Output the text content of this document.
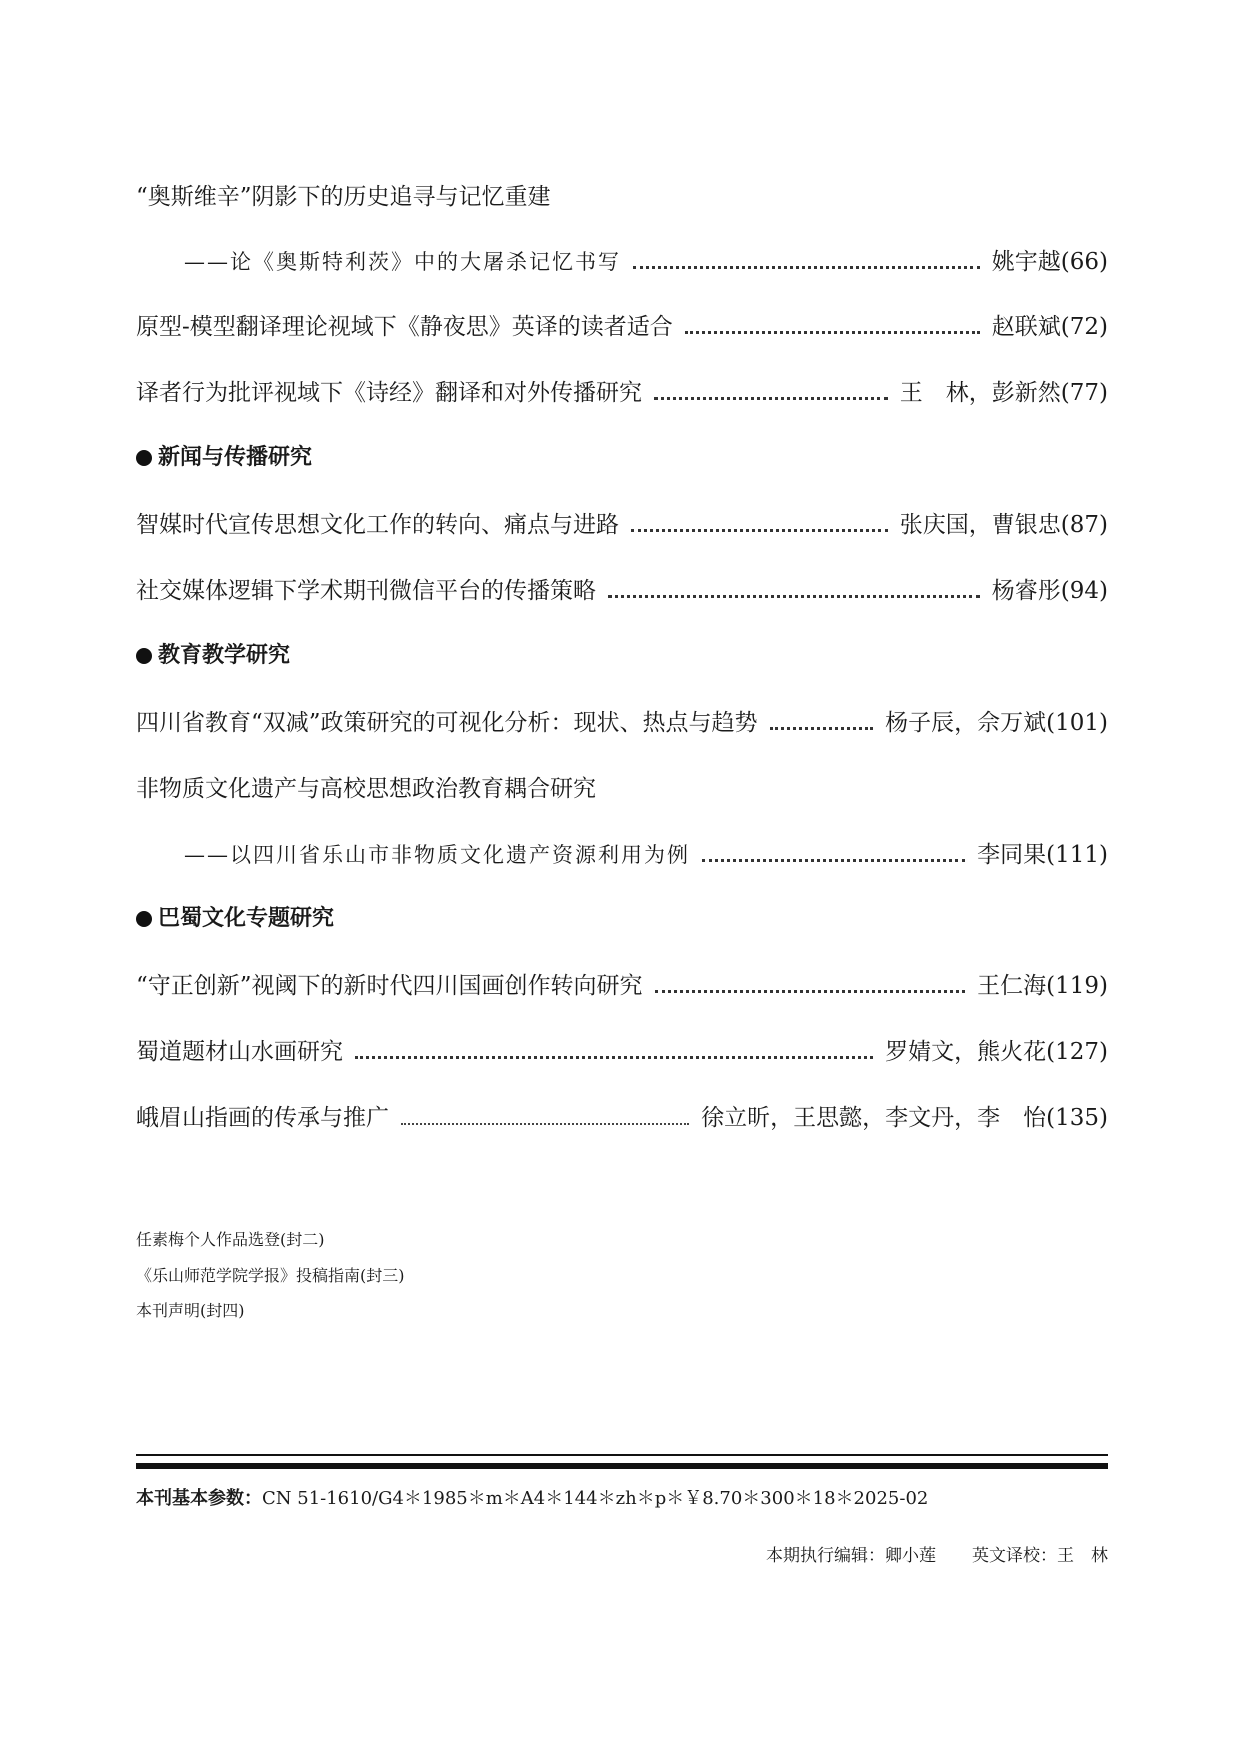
“奥斯维辛”阴影下的历史追寻与记忆重建
——论《奥斯特利茨》中的大屠杀记忆书写	姚宇越 (66)
原型-模型翻译理论视域下《静夜思》英译的读者适合	赵联斌 (72)
译者行为批评视域下《诗经》翻译和对外传播研究	王　林，彭新然 (77)
新闻与传播研究
智媒时代宣传思想文化工作的转向、痛点与进路	张庆国，曹银忠 (87)
社交媒体逻辑下学术期刊微信平台的传播策略	杨睿彤 (94)
教育教学研究
四川省教育“双减”政策研究的可视化分析：现状、热点与趋势	杨子辰，佘万斌 (101)
非物质文化遗产与高校思想政治教育耦合研究
——以四川省乐山市非物质文化遗产资源利用为例	李同果 (111)
巴蜀文化专题研究
“守正创新”视阈下的新时代四川国画创作转向研究	王仁海 (119)
蜀道题材山水画研究	罗婧文，熊火花 (127)
峨眉山指画的传承与推广	徐立昕，王思懿，李文丹，李　怡 (135)
任素梅个人作品选登(封二)
《乐山师范学院学报》投稿指南(封三)
本刊声明(封四)
本刊基本参数：CN 51-1610/G4＊1985＊m＊A4＊144＊zh＊p＊￥8.70＊300＊18＊2025-02
本期执行编辑：卿小莲 英文译校：王　林
